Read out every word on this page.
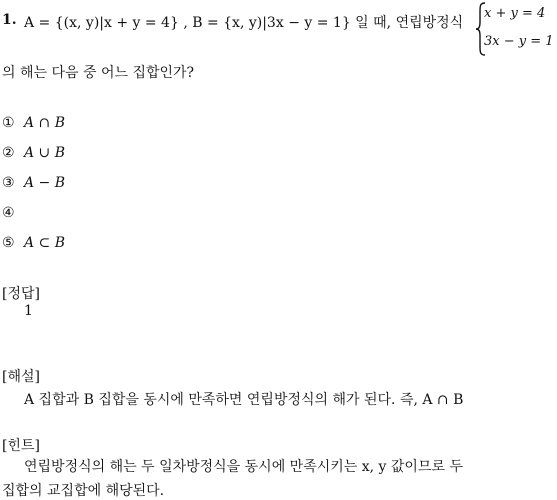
1. A = {(x, y)|x + y = 4} , B = {x, y)|3x − y = 1} 일 때, 연립방정식
x + y = 4
3x − y = 1
의 해는 다음 중 어느 집합인가?
① A ∩ B
② A ∪ B
③ A − B
④
⑤ A ⊂ B
[정답]
1
[해설]
A 집합과 B 집합을 동시에 만족하면 연립방정식의 해가 된다. 즉, A ∩ B
[힌트]
연립방정식의 해는 두 일차방정식을 동시에 만족시키는 x, y 값이므로 두
집합의 교집합에 해당된다.
